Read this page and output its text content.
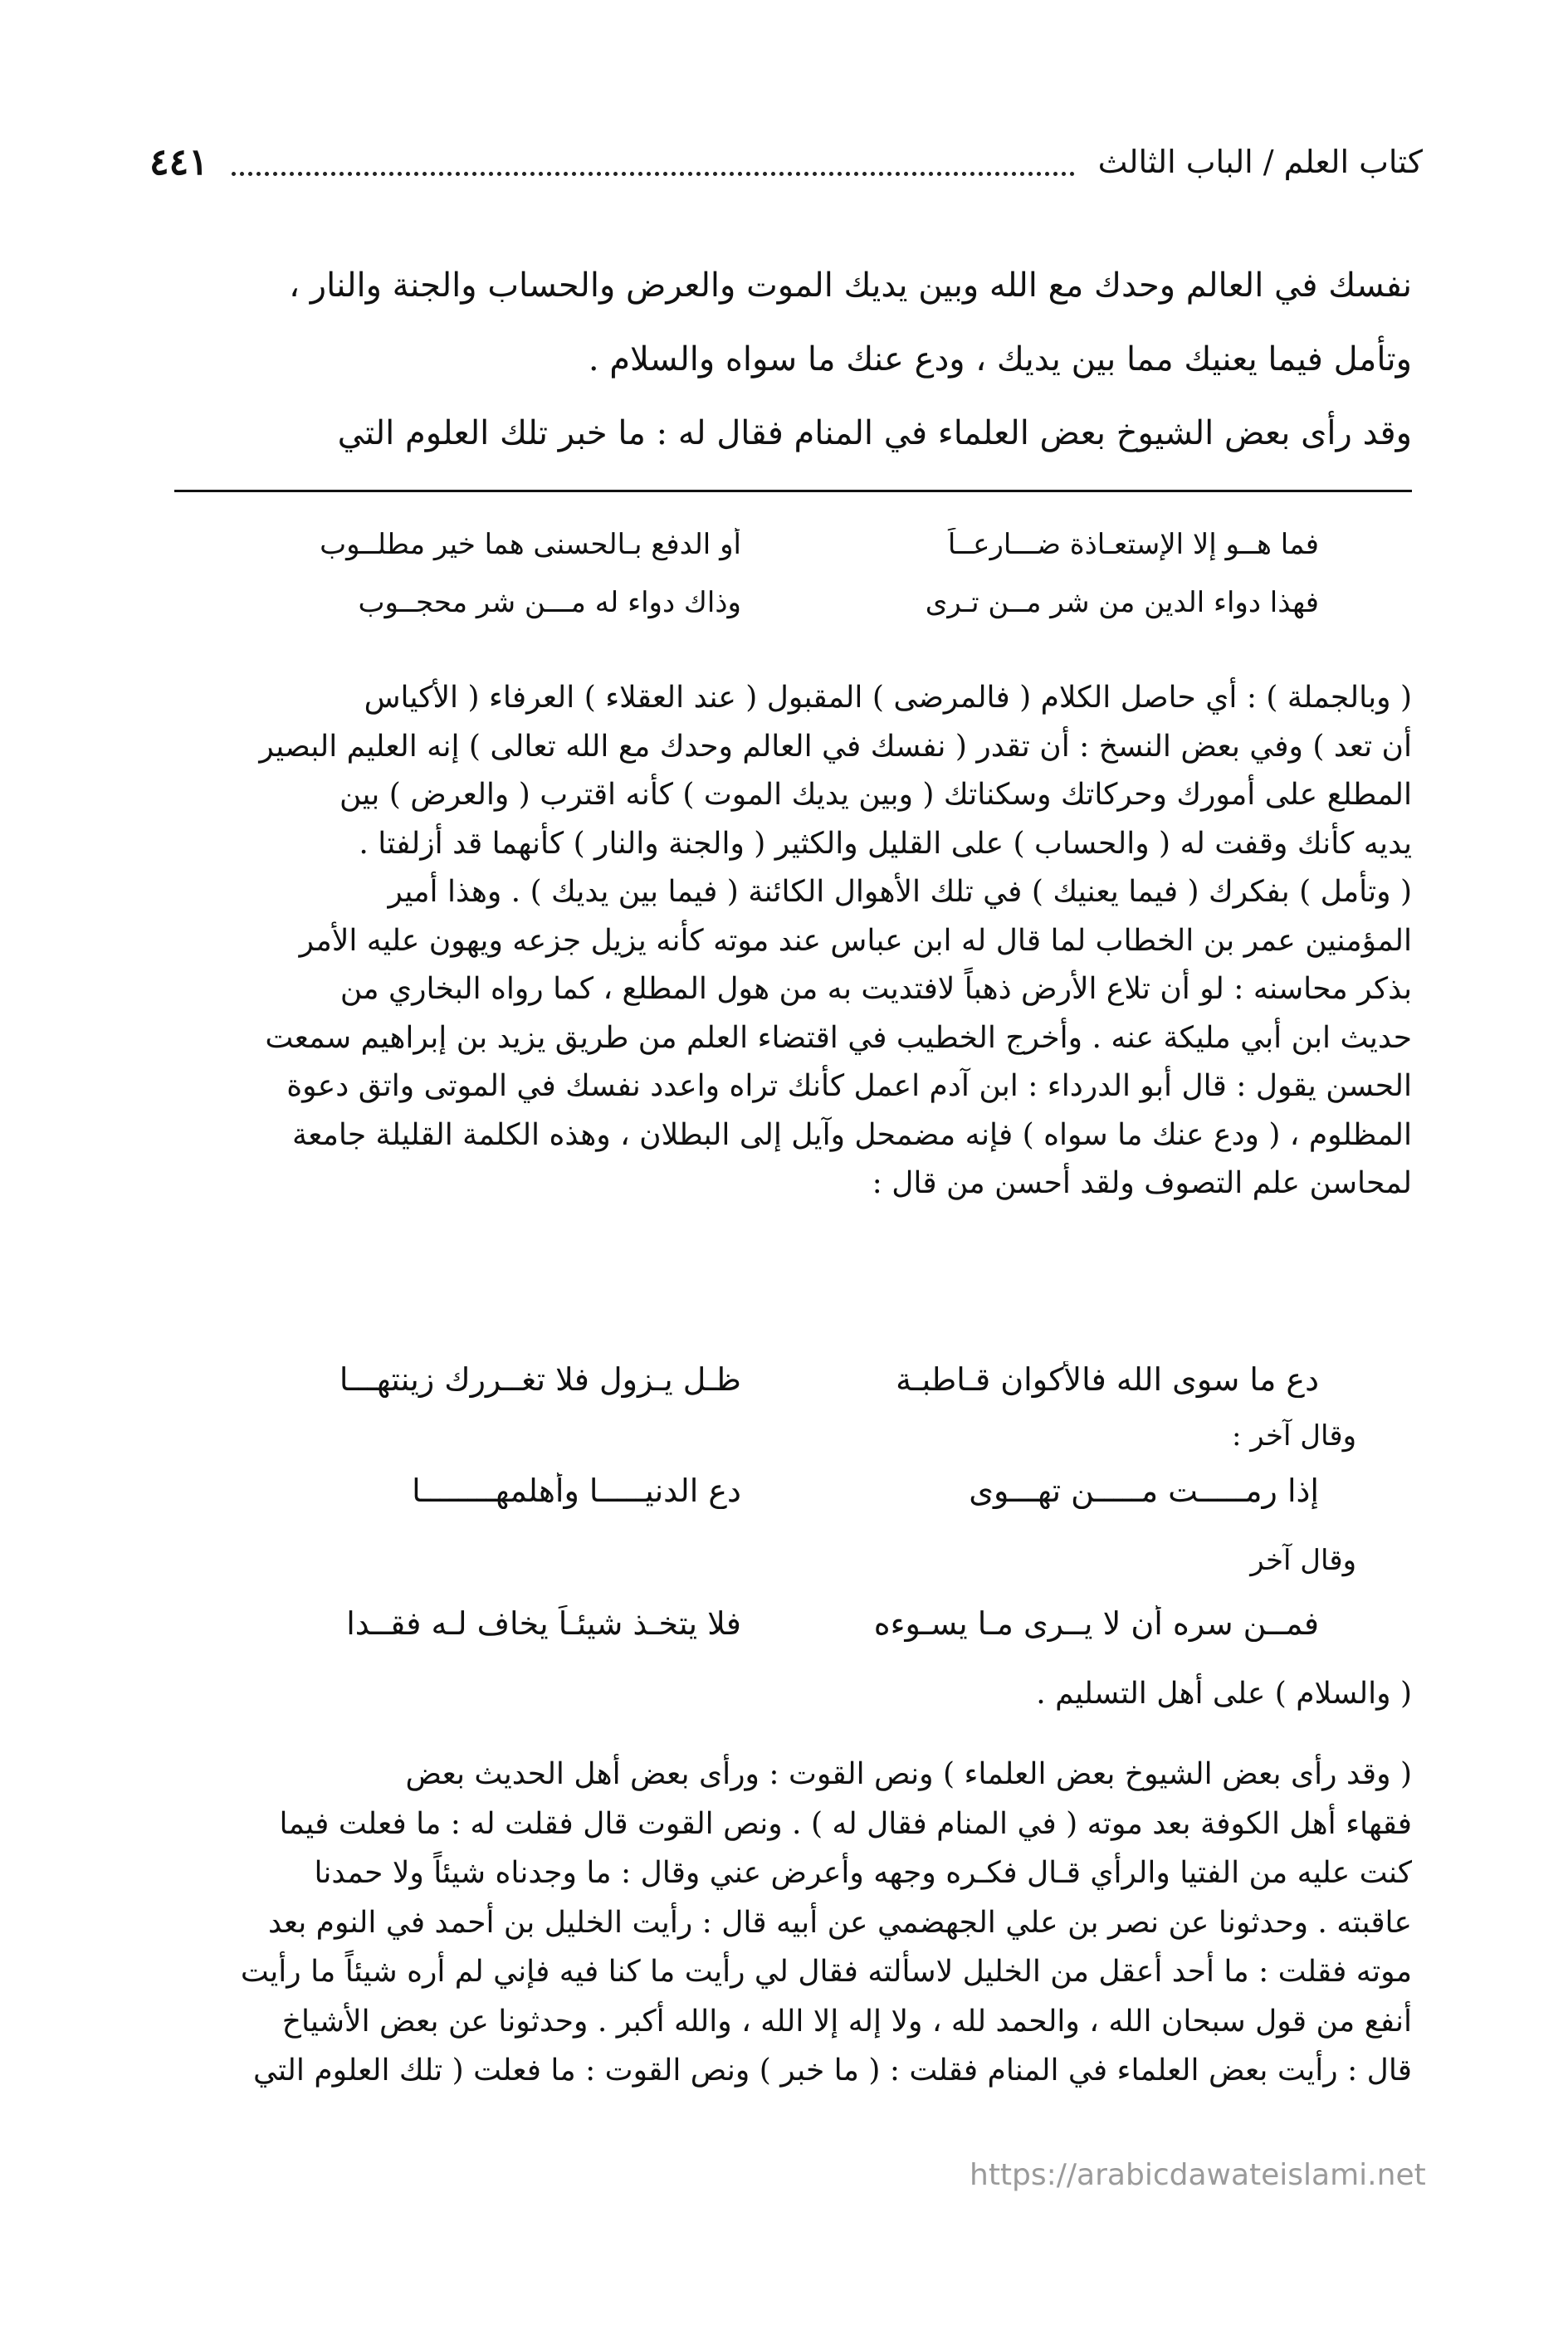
كتاب العلم / الباب الثالث
٤٤١
نفسك في العالم وحدك مع الله وبين يديك الموت والعرض والحساب والجنة والنار ،
وتأمل فيما يعنيك مما بين يديك ، ودع عنك ما سواه والسلام .
وقد رأى بعض الشيوخ بعض العلماء في المنام فقال له : ما خبر تلك العلوم التي
فما هــو إلا الإستعـاذة ضـــارعــاً
أو الدفع بـالحسنى هما خير مطلــوب
فهذا دواء الدين من شر مــن تـرى
وذاك دواء له مـــن شر محجــوب
( وبالجملة ) : أي حاصل الكلام ( فالمرضى ) المقبول ( عند العقلاء ) العرفاء ( الأكياس
أن تعد ) وفي بعض النسخ : أن تقدر ( نفسك في العالم وحدك مع الله تعالى ) إنه العليم البصير
المطلع على أمورك وحركاتك وسكناتك ( وبين يديك الموت ) كأنه اقترب ( والعرض ) بين
يديه كأنك وقفت له ( والحساب ) على القليل والكثير ( والجنة والنار ) كأنهما قد أزلفتا .
( وتأمل ) بفكرك ( فيما يعنيك ) في تلك الأهوال الكائنة ( فيما بين يديك ) . وهذا أمير
المؤمنين عمر بن الخطاب لما قال له ابن عباس عند موته كأنه يزيل جزعه ويهون عليه الأمر
بذكر محاسنه : لو أن تلاع الأرض ذهباً لافتديت به من هول المطلع ، كما رواه البخاري من
حديث ابن أبي مليكة عنه . وأخرج الخطيب في اقتضاء العلم من طريق يزيد بن إبراهيم سمعت
الحسن يقول : قال أبو الدرداء : ابن آدم اعمل كأنك تراه واعدد نفسك في الموتى واتق دعوة
المظلوم ، ( ودع عنك ما سواه ) فإنه مضمحل وآيل إلى البطلان ، وهذه الكلمة القليلة جامعة
لمحاسن علم التصوف ولقد أحسن من قال :
دع ما سوى الله فالأكوان قـاطبـة
ظـل يـزول فلا تغــررك زينتهـــا
وقال آخر :
إذا رمـــــت مـــــن تهـــوى
دع الدنيـــــا وأهلمهــــــــا
وقال آخر
فمــن سره أن لا يــرى مـا يسـوءه
فلا يتخـذ شيئـاً يخاف لـه فقــدا
( والسلام ) على أهل التسليم .
( وقد رأى بعض الشيوخ بعض العلماء ) ونص القوت : ورأى بعض أهل الحديث بعض
فقهاء أهل الكوفة بعد موته ( في المنام فقال له ) . ونص القوت قال فقلت له : ما فعلت فيما
كنت عليه من الفتيا والرأي قـال فكـره وجهه وأعرض عني وقال : ما وجدناه شيئاً ولا حمدنا
عاقبته . وحدثونا عن نصر بن علي الجهضمي عن أبيه قال : رأيت الخليل بن أحمد في النوم بعد
موته فقلت : ما أحد أعقل من الخليل لاسألته فقال لي رأيت ما كنا فيه فإني لم أره شيئاً ما رأيت
أنفع من قول سبحان الله ، والحمد لله ، ولا إله إلا الله ، والله أكبر . وحدثونا عن بعض الأشياخ
قال : رأيت بعض العلماء في المنام فقلت : ( ما خبر ) ونص القوت : ما فعلت ( تلك العلوم التي
https://arabicdawateislami.net
